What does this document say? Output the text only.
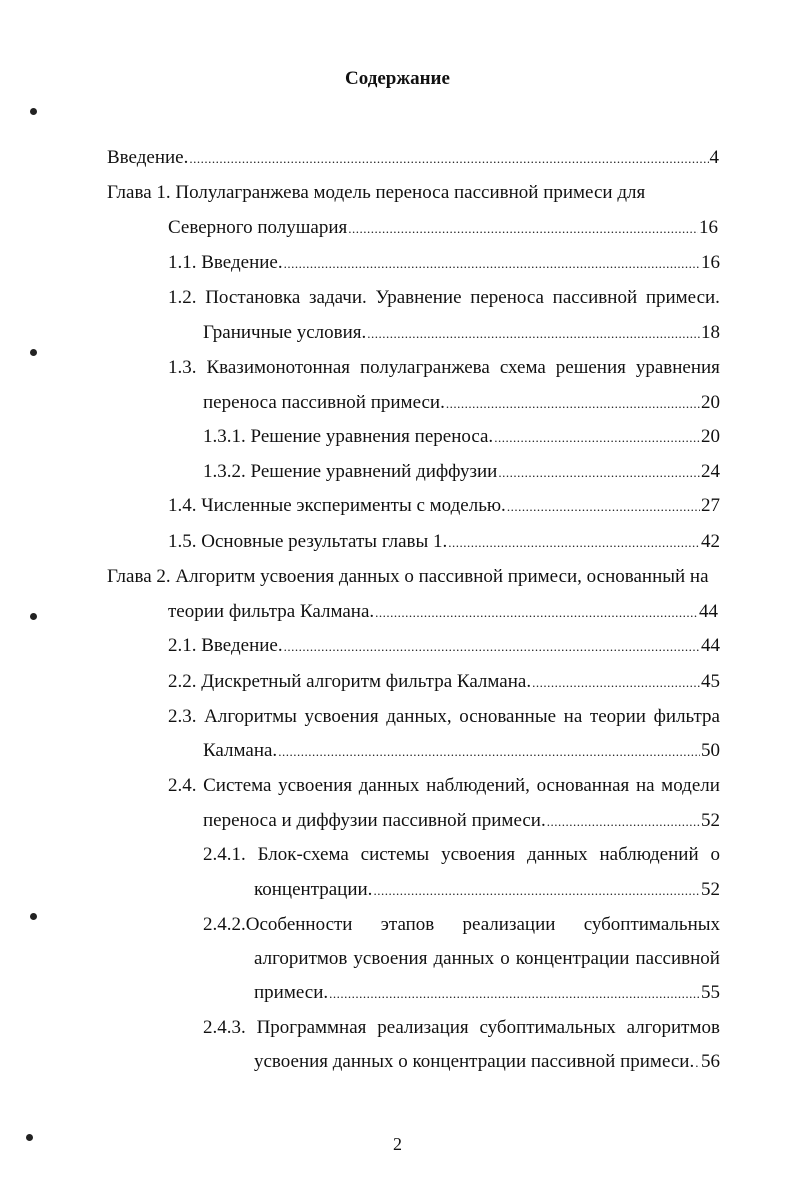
Содержание
Введение. .....	4
Глава 1. Полулагранжева модель переноса пассивной примеси для
Северного полушария .....	16
1.1. Введение. .....	16
1.2. Постановка задачи. Уравнение переноса пассивной примеси.
Граничные условия. .....	18
1.3. Квазимонотонная полулагранжева схема решения уравнения
переноса пассивной примеси. .....	20
1.3.1. Решение уравнения переноса. .....	20
1.3.2. Решение уравнений диффузии .....	24
1.4. Численные эксперименты с моделью. .....	27
1.5. Основные результаты главы 1. .....	42
Глава 2. Алгоритм усвоения данных о пассивной примеси, основанный на
теории фильтра Калмана. .....	44
2.1. Введение. .....	44
2.2. Дискретный алгоритм фильтра Калмана. .....	45
2.3. Алгоритмы усвоения данных, основанные на теории фильтра
Калмана. .....	50
2.4. Система усвоения данных наблюдений, основанная на модели
переноса и диффузии пассивной примеси. .....	52
2.4.1. Блок-схема системы усвоения данных наблюдений о
концентрации. .....	52
2.4.2.Особенности этапов реализации субоптимальных
алгоритмов усвоения данных о концентрации пассивной
примеси. .....	55
2.4.3. Программная реализация субоптимальных алгоритмов
усвоения данных о концентрации пассивной примеси. ..... 56
2
